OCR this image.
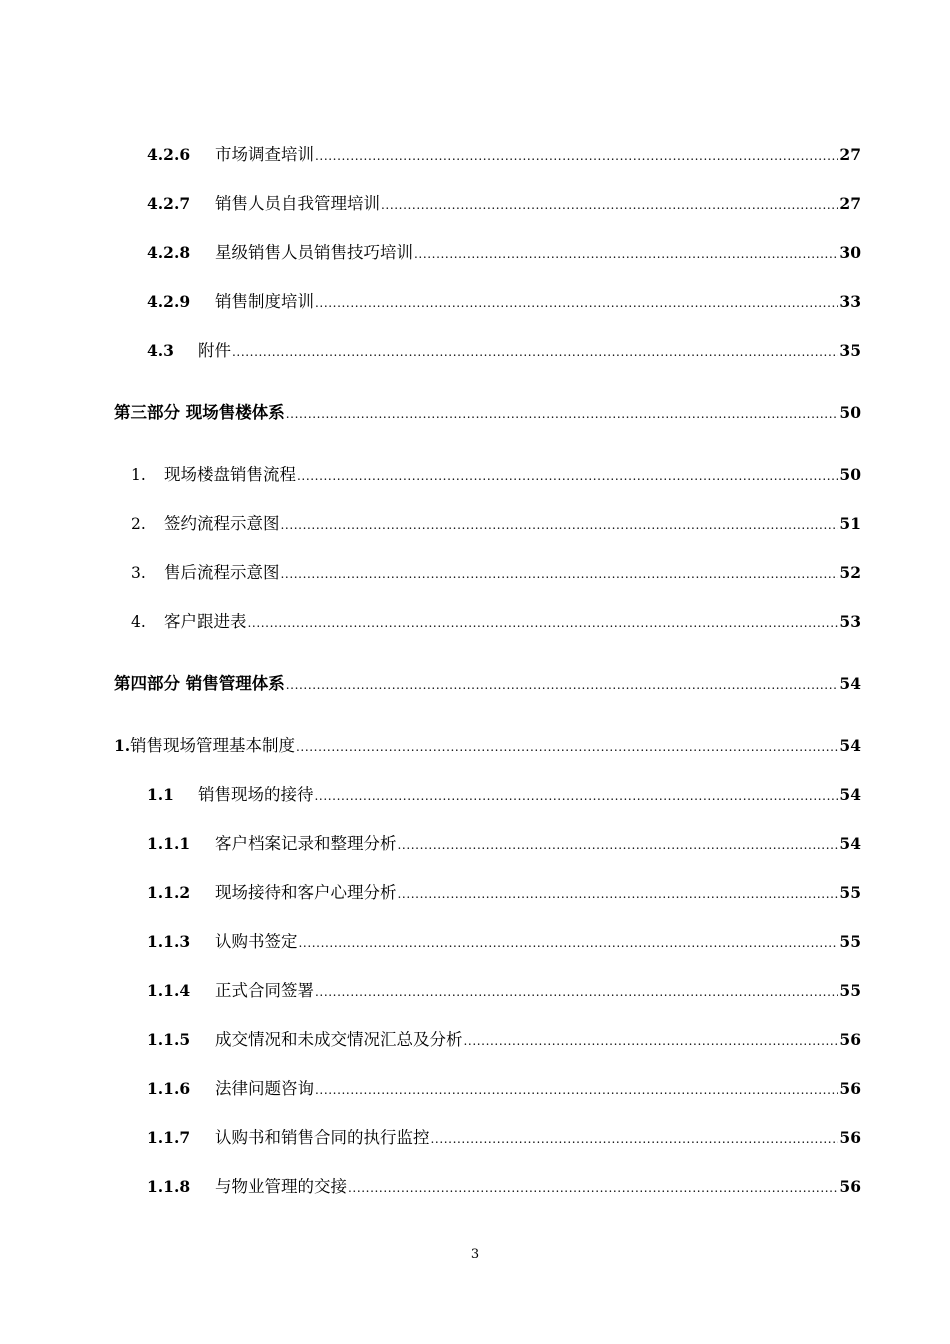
4.2.6	市场调查培训 .....	27
4.2.7	销售人员自我管理培训 .....	27
4.2.8	星级销售人员销售技巧培训 .....	30
4.2.9	销售制度培训 .....	33
4.3	附件 .....	35
第三部分 现场售楼体系 .....	50
1.	现场楼盘销售流程 .....	50
2.	签约流程示意图 .....	51
3.	售后流程示意图 .....	52
4.	客户跟进表 .....	53
第四部分 销售管理体系 .....	54
1. 销售现场管理基本制度 .....	54
1.1	销售现场的接待 .....	54
1.1.1	客户档案记录和整理分析 .....	54
1.1.2	现场接待和客户心理分析 .....	55
1.1.3	认购书签定 .....	55
1.1.4	正式合同签署 .....	55
1.1.5	成交情况和未成交情况汇总及分析 .....	56
1.1.6	法律问题咨询 .....	56
1.1.7	认购书和销售合同的执行监控 .....	56
1.1.8	与物业管理的交接 .....	56
3
